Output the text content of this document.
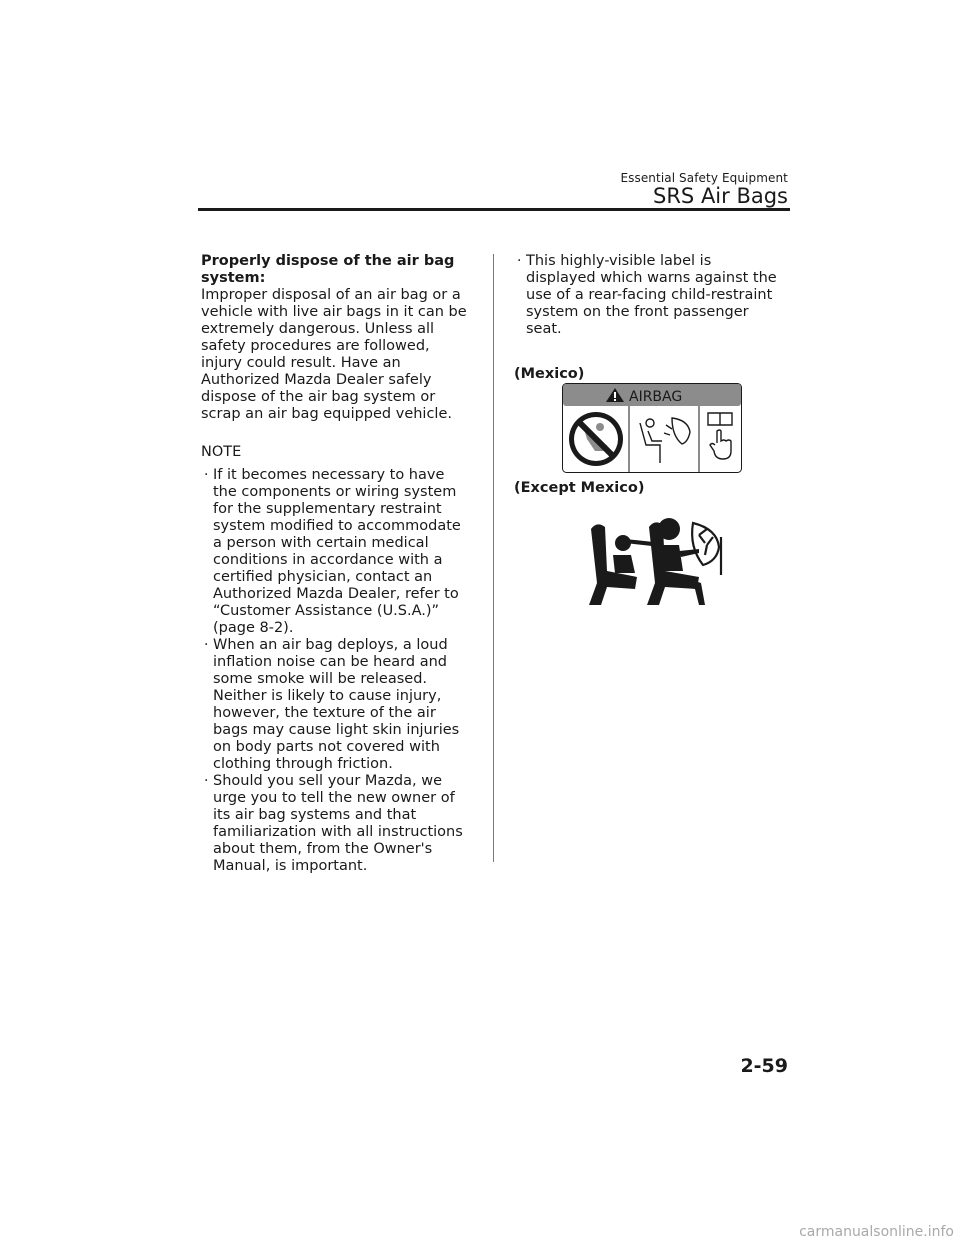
Essential Safety Equipment
SRS Air Bags

Properly dispose of the air bag system:

Improper disposal of an air bag or a vehicle with live air bags in it can be extremely dangerous. Unless all safety procedures are followed, injury could result. Have an Authorized Mazda Dealer safely dispose of the air bag system or scrap an air bag equipped vehicle.

NOTE

· If it becomes necessary to have the components or wiring system for the supplementary restraint system modified to accommodate a person with certain medical conditions in accordance with a certified physician, contact an Authorized Mazda Dealer, refer to “Customer Assistance (U.S.A.)” (page 8-2).
· When an air bag deploys, a loud inflation noise can be heard and some smoke will be released. Neither is likely to cause injury, however, the texture of the air bags may cause light skin injuries on body parts not covered with clothing through friction.
· Should you sell your Mazda, we urge you to tell the new owner of its air bag systems and that familiarization with all instructions about them, from the Owner's Manual, is important.
· This highly-visible label is displayed which warns against the use of a rear-facing child-restraint system on the front passenger seat.

(Mexico)

AIRBAG
(Except Mexico)
2-59
carmanualsonline.info
